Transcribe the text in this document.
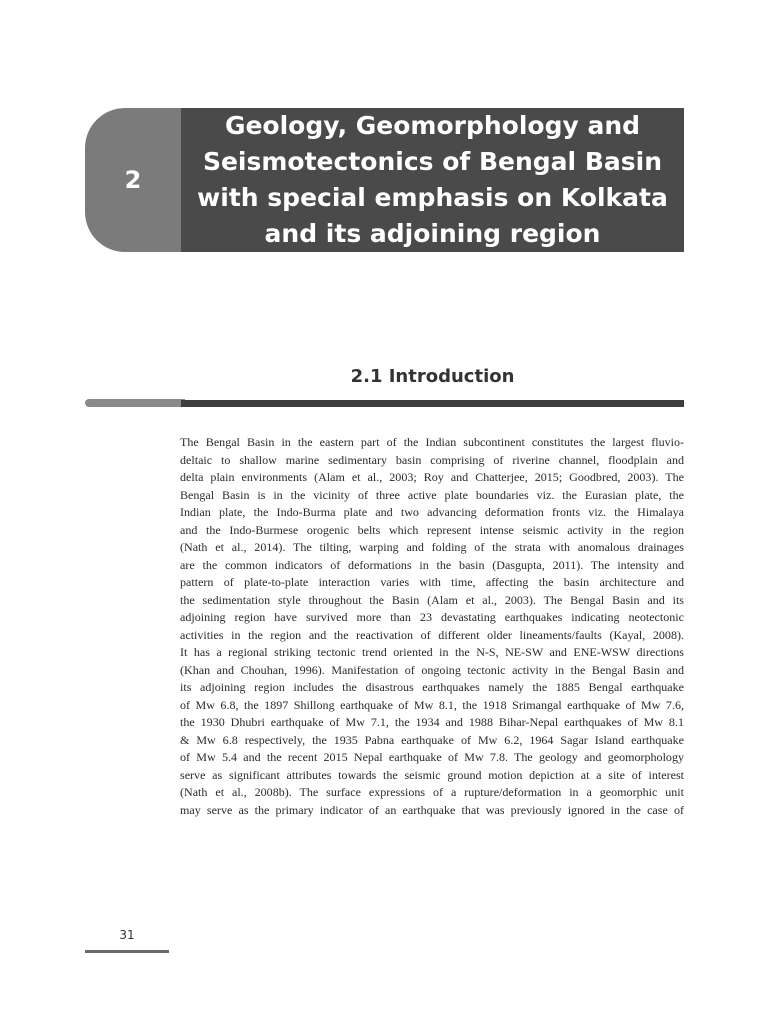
2
Geology, Geomorphology and
Seismotectonics of Bengal Basin
with special emphasis on Kolkata
and its adjoining region
2.1 Introduction
The Bengal Basin in the eastern part of the Indian subcontinent constitutes the largest fluvio-
deltaic to shallow marine sedimentary basin comprising of riverine channel, floodplain and
delta plain environments (Alam et al., 2003; Roy and Chatterjee, 2015; Goodbred, 2003). The
Bengal Basin is in the vicinity of three active plate boundaries viz. the Eurasian plate, the
Indian plate, the Indo-Burma plate and two advancing deformation fronts viz. the Himalaya
and the Indo-Burmese orogenic belts which represent intense seismic activity in the region
(Nath et al., 2014). The tilting, warping and folding of the strata with anomalous drainages
are the common indicators of deformations in the basin (Dasgupta, 2011). The intensity and
pattern of plate-to-plate interaction varies with time, affecting the basin architecture and
the sedimentation style throughout the Basin (Alam et al., 2003). The Bengal Basin and its
adjoining region have survived more than 23 devastating earthquakes indicating neotectonic
activities in the region and the reactivation of different older lineaments/faults (Kayal, 2008).
It has a regional striking tectonic trend oriented in the N-S, NE-SW and ENE-WSW directions
(Khan and Chouhan, 1996). Manifestation of ongoing tectonic activity in the Bengal Basin and
its adjoining region includes the disastrous earthquakes namely the 1885 Bengal earthquake
of Mw 6.8, the 1897 Shillong earthquake of Mw 8.1, the 1918 Srimangal earthquake of Mw 7.6,
the 1930 Dhubri earthquake of Mw 7.1, the 1934 and 1988 Bihar-Nepal earthquakes of Mw 8.1
& Mw 6.8 respectively, the 1935 Pabna earthquake of Mw 6.2, 1964 Sagar Island earthquake
of Mw 5.4 and the recent 2015 Nepal earthquake of Mw 7.8. The geology and geomorphology
serve as significant attributes towards the seismic ground motion depiction at a site of interest
(Nath et al., 2008b). The surface expressions of a rupture/deformation in a geomorphic unit
may serve as the primary indicator of an earthquake that was previously ignored in the case of
31
